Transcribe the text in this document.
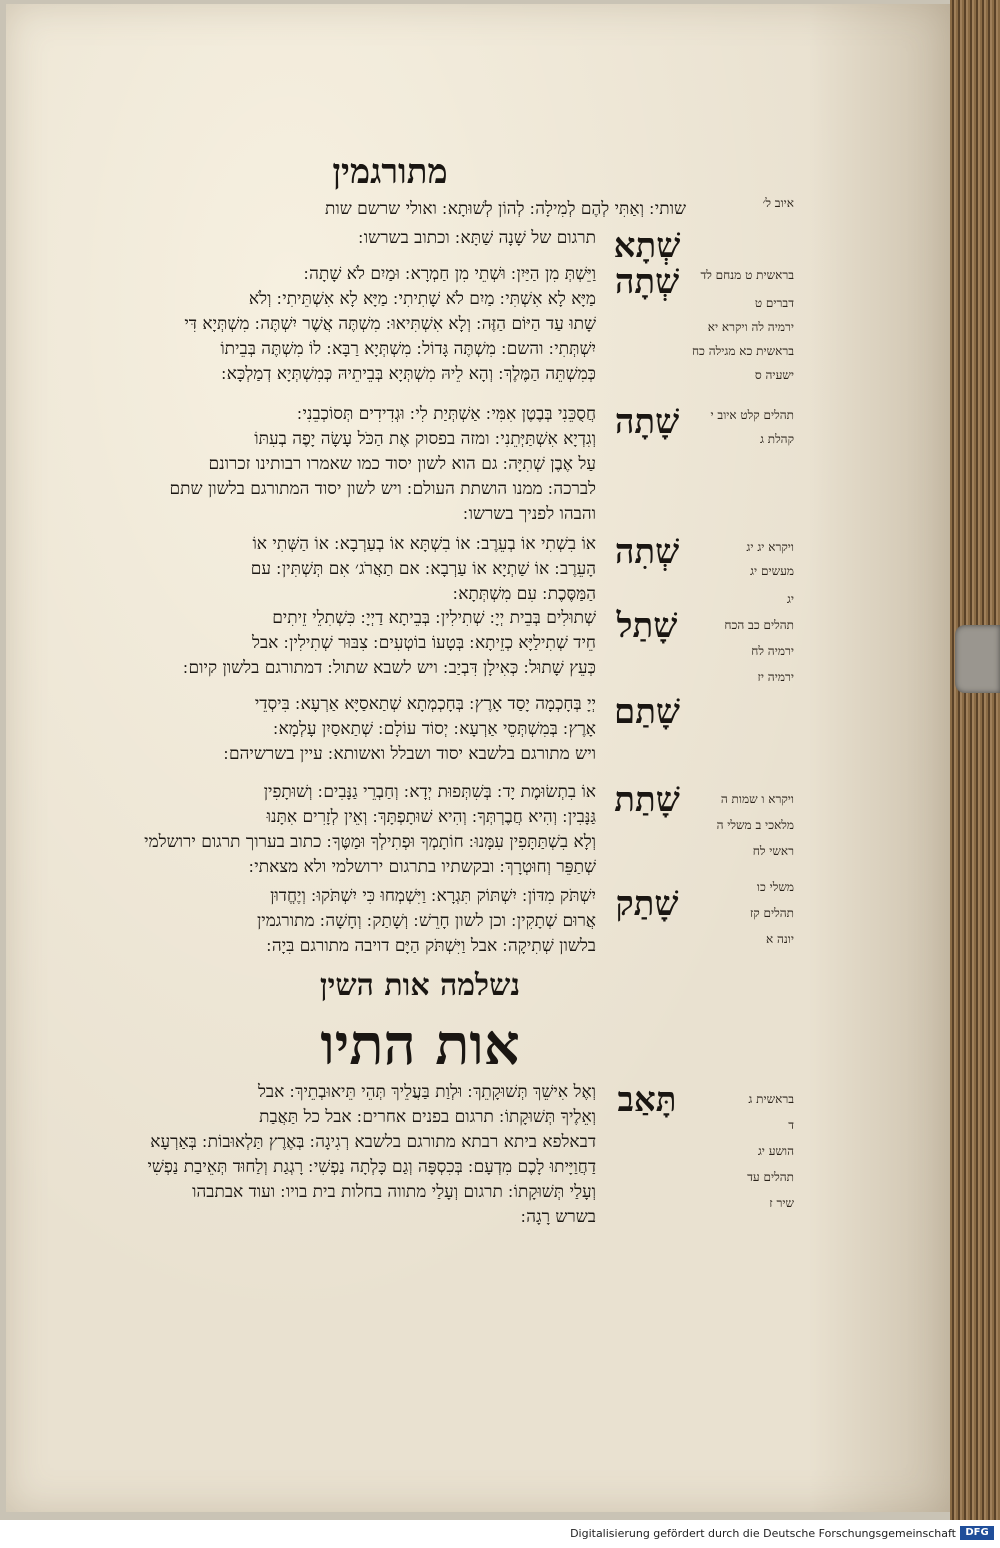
מתורגמין
שותי ׃ וְאַתִּי לְהֶם לְמִילָה ׃ לְהוֹן לְשׁוּתָא ׃ ואולי שרשם שות
שְׁתָא
תרגום של שָׁנָה שַׁתָּא ׃ וכתוב בשרשו ׃
שְׁתָה
וַיֵּשְׁתְּ מִן הַיַּיִן ׃ וּשְׁתֵי מִן חַמְרָא ׃ וּמַיִם לֹא שָׁתָה ׃
מַיָּא לָא אִשְׁתִּי ׃ מַיִם לֹא שָׁתִיתִי ׃ מַיָּא לָא אִשְׁתֵּיתִי ׃ וְלֹא
שָׁתוּ עַד הַיּוֹם הַזֶּה ׃ וְלָא אִשְׁתִּיאוּ ׃ מִשְׁתֶּה אֲשֶׁר יִשְׁתֶּה ׃ מִשְׁתְּיָא דִּי
יִשְׁתְּתִי ׃ והשם ׃ מִשְׁתֶּה גָּדוֹל ׃ מִשְׁתְּיָא רַבָּא ׃ לוֹ מִשְׁתֶּה בְּבֵיתוֹ
כְּמִשְׁתֵּה הַמֶּלֶךְ ׃ וְהָא לֵיהּ מִשְׁתְּיָא בְּבֵיתֵיהּ כְּמִשְׁתְּיָא דְמַלְכָּא ׃
שָׁתָה
חֲסֻכֵּנִי בְּבֶטֶן אִמִּי ׃ אַשְׁתְּיַת לִי ׃ וּגְדִידִים תְּסוֹכְבֵנִי ׃
וְגִדְיָא אִשְׁתַּיְּתֵנִי ׃ ומזה בפסוק אֶת הַכֹּל עָשָׂה יָפֶה בְעִתּוֹ
עַל אֶבֶן שְׁתִיָּה ׃ גם הוא לשון יסוד כמו שאמרו רבותינו זכרונם
לברכה ׃ ממנו הושתת העולם ׃ ויש לשון יסוד המתורגם בלשון שתם
והבהו לפניך בשרשו ׃
שְׁתִה
אוֹ בִשְׁתִי אוֹ בְעֵרֶב ׃ אוֹ בִשְׁתָּא אוֹ בְעַרְבָא ׃ אוֹ הַשְּׁתִי אוֹ
הָעֵרֶב ׃ אוֹ שַׁתְיָא אוֹ עַרְבָא ׃ אם תַאֲרֹג׳ אִם תְּשְׁתִּין ׃ עם
הַמַּסֶּכֶת ׃ עִם מִשְׁתְּתָא ׃
שָׁתַל
שְׁתוּלִים בְּבֵית יְיָ ׃ שְׁתִילִין ׃ בְּבֵיתָא דַיְיָ ׃ כִּשְׁתִלֵי זֵיתִים
חֵיד שְׁתִילַיָּא כְזֵיתָא ׃ בְּטָעוֹ בוֹטְעִים ׃ צִבּוּר שְׁתִילִין ׃ אבל
כְּעֵץ שָׁתוּל ׃ כְּאִילָן דִּבְיַב ׃ ויש לשבא שתול ׃ דמתורגם בלשון קיום ׃
שָׁתַם
יְיָ בְּחָכְמָה יָסַד אָרֶץ ׃ בְּחָכְמְתָא שְׁתַאסַיָּא אַרְעָא ׃ בִּיסְדֵי
אָרֶץ ׃ בְּמִשְׁתְּסֵי אַרְעָא ׃ יְסוֹד עוֹלָם ׃ שְׁתַאסַיִן עָלְמָא ׃
ויש מתורגם בלשבא יסוד ושבלל ואשותא ׃ עיין בשרשיהם ׃
שָׁתַת
אוֹ בִתְשׂוּמֶת יָד ׃ בְּשִׁתְּפוּת יְדָא ׃ וְחַבְרֵי גַנָּבִים ׃ וְשׁוּתָפִין
גַּנָּבִין ׃ וְהִיא חֲבֶרְתְּךָ ׃ וְהִיא שׁוּתָפְתָּךְ ׃ וְאֵין לְזָרִים אִתָּנוּ
וְלָא בִשְׁתַּתָּפִין עִמָּנוּ ׃ חוֹתָמְךָ וּפְתִילְךָ וּמַטֶּךָ ׃ כתוב בערוך תרגום ירושלמי
שְׁתַפֵּר וְחוּטְרָךְ ׃ ובקשתיו בתרגום ירושלמי ולא מצאתי ׃
שָׁתַק
יִשְׁתֹּק מִדּוֹן ׃ יִשְׁתּוֹק תִּגְרָא ׃ וַיִּשְׁמְחוּ כִּי יִשְׁתֹּקוּ ׃ וְיֶחֱדוּן
אֲרוּם שְׁתָקִין ׃ וכן לשון חָרֵשׁ ׃ וְשָׁתַק ׃ וְחָשָׁה ׃ מתורגמין
בלשון שְׁתִיקָה ׃ אבל וַיִּשְׁתֹּק הַיָּם דויבה מתורגם בִּיָה ׃
תָּאַב
וְאֶל אִישֵׁךְ תְּשׁוּקָתֵךְ ׃ וּלְוַת בַּעֲלֵיךְ תְּהֵי תֵּיאוּבְתֵיךְ ׃ אבל
וְאֵלֶיךָ תְּשׁוּקָתוֹ ׃ תרגום בפנים אחרים ׃ אבל כל תַּאֲבַת
דבאלפא ביתא רבתא מתורגם בלשבא רְגִיגָה ׃ בְּאֶרֶץ תַּלְאוּבוֹת ׃ בְּאַרְעָא
דַחֲוַיָּיתוּ לָכֶם מִדְעָם ׃ בְּכִסְפָּה וְגַם כָּלְתָה נַפְשִׁי ׃ רָגְגַת וְלַחוּד תְּאֵיבַת נַפְשִׁי
וְעָלַי תְּשׁוּקָתוֹ ׃ תרגום וְעָלַי מתווה בחלות בית בויו ׃ ועוד אבתבהו
בשרש רָגָה ׃
נשלמה אות השין
אות התיו
איוב ל׳
בראשית ט מנחם לד
דברים ט
ירמיה לה ויקרא יא
בראשית כא מגילה כח
ישעיה ס
תהלים קלט איוב י
קהלת ג
ויקרא יג יג
מעשים יג
יג
תהלים כב הכח
ירמיה לח
ירמיה יז
ויקרא ו שמות ה
מלאכי ב משלי ה
ראשי לח
משלי כו
תהלים קז
יונה א
בראשית ג
ד
הושע יג
תהלים עד
שיר ז
Digitalisierung gefördert durch die Deutsche Forschungsgemeinschaft DFG
